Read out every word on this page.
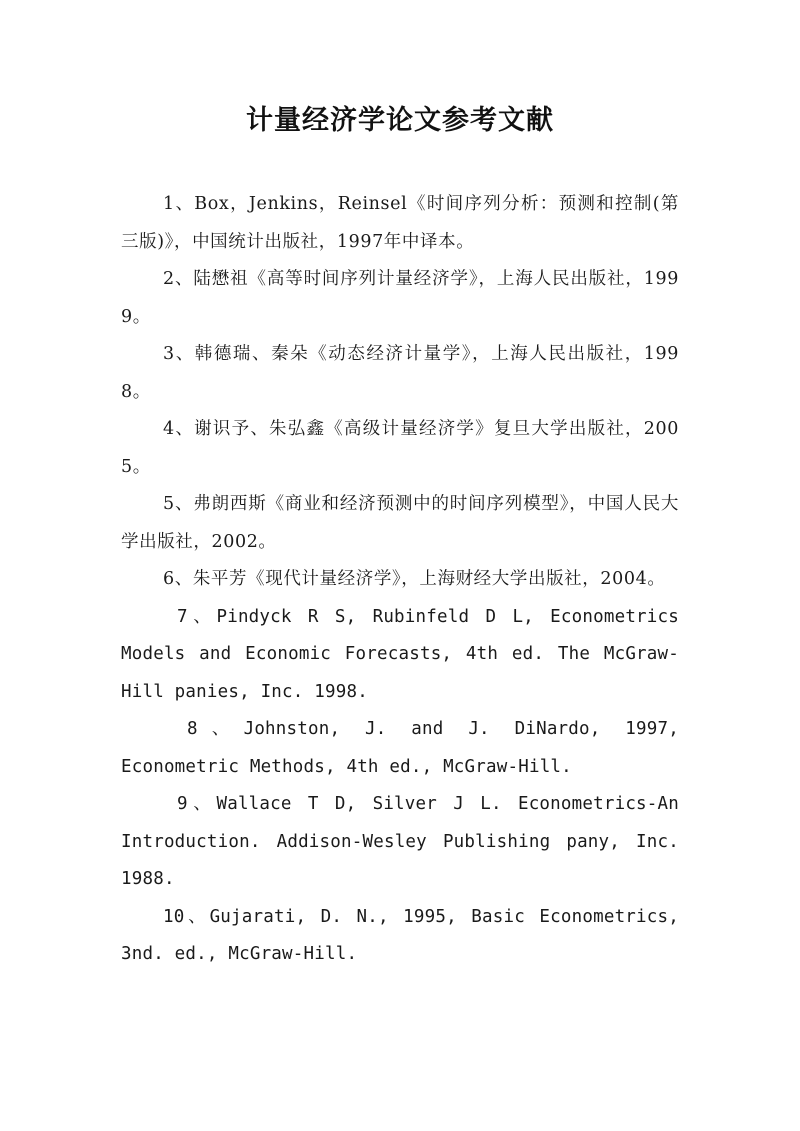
计量经济学论文参考文献
1、Box，Jenkins，Reinsel《时间序列分析：预测和控制(第三版)》，中国统计出版社，1997年中译本。
2、陆懋祖《高等时间序列计量经济学》，上海人民出版社，1999。
3、韩德瑞、秦朵《动态经济计量学》，上海人民出版社，1998。
4、谢识予、朱弘鑫《高级计量经济学》复旦大学出版社，2005。
5、弗朗西斯《商业和经济预测中的时间序列模型》，中国人民大学出版社，2002。
6、朱平芳《现代计量经济学》，上海财经大学出版社，2004。
7、Pindyck R S, Rubinfeld D L, Econometrics Models and Economic Forecasts, 4th ed. The McGraw-Hill panies, Inc. 1998.
8、Johnston, J. and J. DiNardo, 1997, Econometric Methods, 4th ed., McGraw-Hill.
9、Wallace T D, Silver J L. Econometrics-An Introduction. Addison-Wesley Publishing pany, Inc. 1988.
10、Gujarati, D. N., 1995, Basic Econometrics, 3nd. ed., McGraw-Hill.
